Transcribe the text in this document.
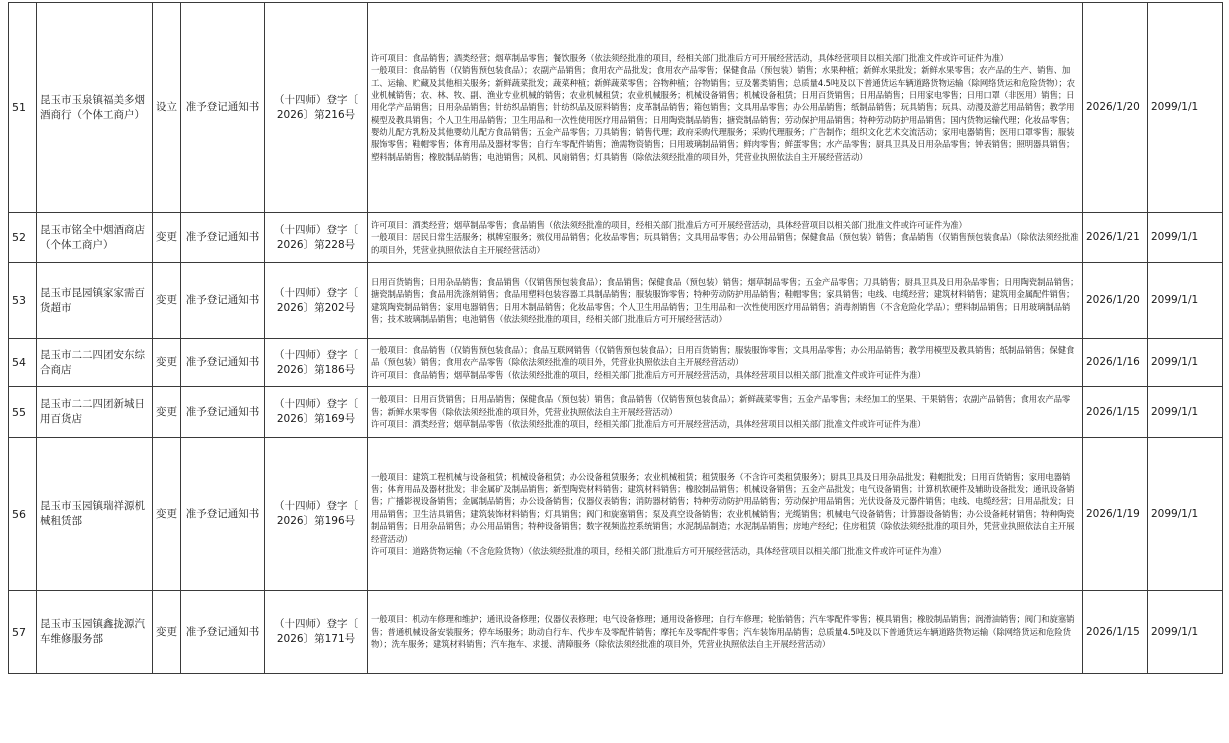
51	昆玉市玉泉镇福美多烟酒商行（个体工商户）	设立	准予登记通知书	（十四师）登字〔
2026〕第216号	许可项目：食品销售；酒类经营；烟草制品零售；餐饮服务（依法须经批准的项目，经相关部门批准后方可开展经营活动，具体经营项目以相关部门批准文件或许可证件为准）
一般项目：食品销售（仅销售预包装食品）；农副产品销售；食用农产品批发；食用农产品零售；保健食品（预包装）销售；水果种植；新鲜水果批发；新鲜水果零售；农产品的生产、销售、加工、运输、贮藏及其他相关服务；新鲜蔬菜批发；蔬菜种植；新鲜蔬菜零售；谷物种植；谷物销售；豆及薯类销售；总质量4.5吨及以下普通货运车辆道路货物运输（除网络货运和危险货物）；农业机械销售；农、林、牧、副、渔业专业机械的销售；农业机械租赁；农业机械服务；机械设备销售；机械设备租赁；日用百货销售；日用品销售；日用家电零售；日用口罩（非医用）销售；日用化学产品销售；日用杂品销售；针纺织品销售；针纺织品及原料销售；皮革制品销售；箱包销售；文具用品零售；办公用品销售；纸制品销售；玩具销售；玩具、动漫及游艺用品销售；教学用模型及教具销售；个人卫生用品销售；卫生用品和一次性使用医疗用品销售；日用陶瓷制品销售；搪瓷制品销售；劳动保护用品销售；特种劳动防护用品销售；国内货物运输代理；化妆品零售；婴幼儿配方乳粉及其他婴幼儿配方食品销售；五金产品零售；刀具销售；销售代理；政府采购代理服务；采购代理服务；广告制作；组织文化艺术交流活动；家用电器销售；医用口罩零售；服装服饰零售；鞋帽零售；体育用品及器材零售；自行车零配件销售；渔需物资销售；日用玻璃制品销售；鲜肉零售；鲜蛋零售；水产品零售；厨具卫具及日用杂品零售；钟表销售；照明器具销售；塑料制品销售；橡胶制品销售；电池销售；风机、风扇销售；灯具销售（除依法须经批准的项目外，凭营业执照依法自主开展经营活动）	2026/1/20	2099/1/1
52	昆玉市铭全中烟酒商店（个体工商户）	变更	准予登记通知书	（十四师）登字〔
2026〕第228号	许可项目：酒类经营；烟草制品零售；食品销售（依法须经批准的项目，经相关部门批准后方可开展经营活动，具体经营项目以相关部门批准文件或许可证件为准）
一般项目：居民日常生活服务；棋牌室服务；殡仪用品销售；化妆品零售；玩具销售；文具用品零售；办公用品销售；保健食品（预包装）销售；食品销售（仅销售预包装食品）（除依法须经批准的项目外，凭营业执照依法自主开展经营活动）	2026/1/21	2099/1/1
53	昆玉市昆园镇家家需百货超市	变更	准予登记通知书	（十四师）登字〔
2026〕第202号	日用百货销售；日用杂品销售；食品销售（仅销售预包装食品）；食品销售；保健食品（预包装）销售；烟草制品零售；五金产品零售；刀具销售；厨具卫具及日用杂品零售；日用陶瓷制品销售；搪瓷制品销售；食品用洗涤剂销售；食品用塑料包装容器工具制品销售；服装服饰零售；特种劳动防护用品销售；鞋帽零售；家具销售；电线、电缆经营；建筑材料销售；建筑用金属配件销售；建筑陶瓷制品销售；家用电器销售；日用木制品销售；化妆品零售；个人卫生用品销售；卫生用品和一次性使用医疗用品销售；消毒剂销售（不含危险化学品）；塑料制品销售；日用玻璃制品销售；技术玻璃制品销售；电池销售（依法须经批准的项目，经相关部门批准后方可开展经营活动）	2026/1/20	2099/1/1
54	昆玉市二二四团安东综合商店	变更	准予登记通知书	（十四师）登字〔
2026〕第186号	一般项目：食品销售（仅销售预包装食品）；食品互联网销售（仅销售预包装食品）；日用百货销售；服装服饰零售；文具用品零售；办公用品销售；教学用模型及教具销售；纸制品销售；保健食品（预包装）销售；食用农产品零售（除依法须经批准的项目外，凭营业执照依法自主开展经营活动）
许可项目：食品销售；烟草制品零售（依法须经批准的项目，经相关部门批准后方可开展经营活动，具体经营项目以相关部门批准文件或许可证件为准）	2026/1/16	2099/1/1
55	昆玉市二二四团新城日用百货店	变更	准予登记通知书	（十四师）登字〔
2026〕第169号	一般项目：日用百货销售；日用品销售；保健食品（预包装）销售；食品销售（仅销售预包装食品）；新鲜蔬菜零售；五金产品零售；未经加工的坚果、干果销售；农副产品销售；食用农产品零售；新鲜水果零售（除依法须经批准的项目外，凭营业执照依法自主开展经营活动）
许可项目：酒类经营；烟草制品零售（依法须经批准的项目，经相关部门批准后方可开展经营活动，具体经营项目以相关部门批准文件或许可证件为准）	2026/1/15	2099/1/1
56	昆玉市玉园镇瑞祥源机械租赁部	变更	准予登记通知书	（十四师）登字〔
2026〕第196号	一般项目：建筑工程机械与设备租赁；机械设备租赁；办公设备租赁服务；农业机械租赁；租赁服务（不含许可类租赁服务）；厨具卫具及日用杂品批发；鞋帽批发；日用百货销售；家用电器销售；体育用品及器材批发；非金属矿及制品销售；新型陶瓷材料销售；建筑材料销售；橡胶制品销售；机械设备销售；五金产品批发；电气设备销售；计算机软硬件及辅助设备批发；通讯设备销售；广播影视设备销售；金属制品销售；办公设备销售；仪器仪表销售；消防器材销售；特种劳动防护用品销售；劳动保护用品销售；光伏设备及元器件销售；电线、电缆经营；日用品批发；日用品销售；卫生洁具销售；建筑装饰材料销售；灯具销售；阀门和旋塞销售；泵及真空设备销售；农业机械销售；光缆销售；机械电气设备销售；计算器设备销售；办公设备耗材销售；特种陶瓷制品销售；日用杂品销售；办公用品销售；特种设备销售；数字视频监控系统销售；水泥制品制造；水泥制品销售；房地产经纪；住房租赁（除依法须经批准的项目外，凭营业执照依法自主开展经营活动）
许可项目：道路货物运输（不含危险货物）（依法须经批准的项目，经相关部门批准后方可开展经营活动，具体经营项目以相关部门批准文件或许可证件为准）	2026/1/19	2099/1/1
57	昆玉市玉园镇鑫拢源汽车维修服务部	变更	准予登记通知书	（十四师）登字〔
2026〕第171号	一般项目：机动车修理和维护；通讯设备修理；仪器仪表修理；电气设备修理；通用设备修理；自行车修理；轮胎销售；汽车零配件零售；模具销售；橡胶制品销售；润滑油销售；阀门和旋塞销售；普通机械设备安装服务；停车场服务；助动自行车、代步车及零配件销售；摩托车及零配件零售；汽车装饰用品销售；总质量4.5吨及以下普通货运车辆道路货物运输（除网络货运和危险货物）；洗车服务；建筑材料销售；汽车拖车、求援、清障服务（除依法须经批准的项目外，凭营业执照依法自主开展经营活动）	2026/1/15	2099/1/1
